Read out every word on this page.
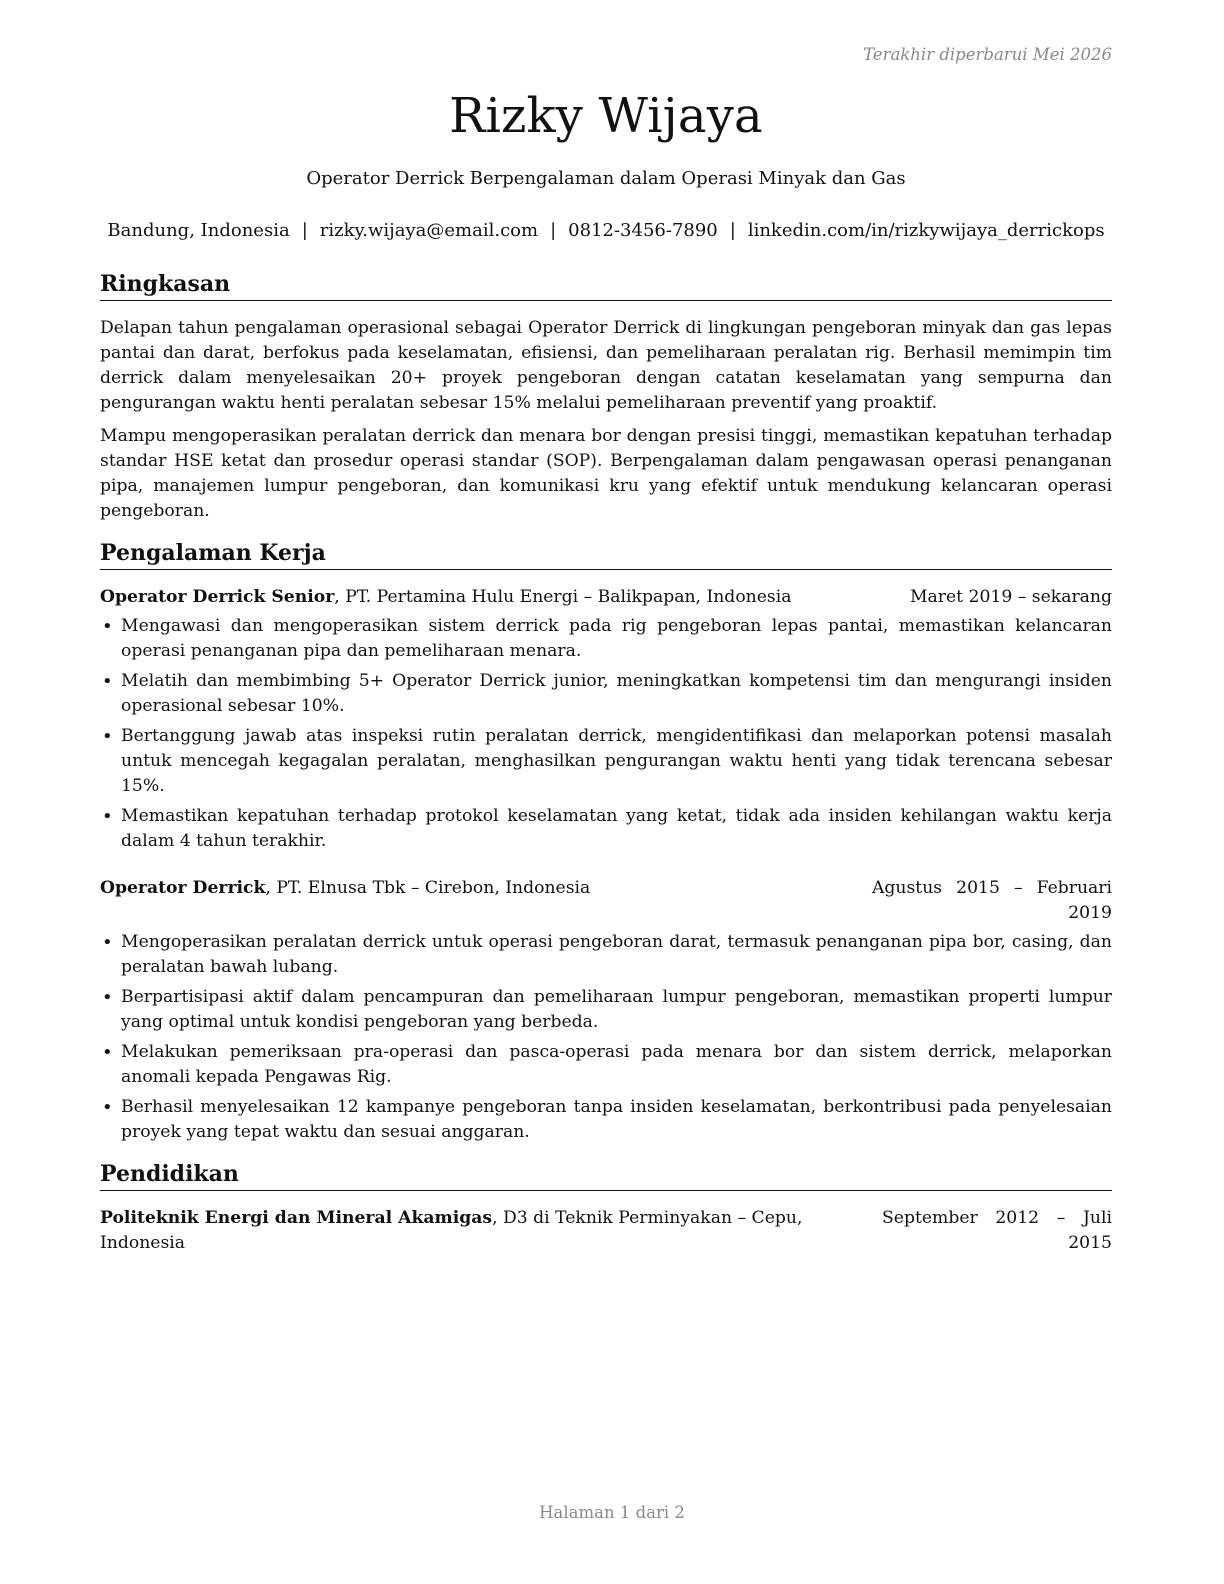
Terakhir diperbarui Mei 2026
Rizky Wijaya
Operator Derrick Berpengalaman dalam Operasi Minyak dan Gas
Bandung, Indonesia | rizky.wijaya@email.com | 0812-3456-7890 | linkedin.com/in/rizkywijaya_derrickops
Ringkasan

Delapan tahun pengalaman operasional sebagai Operator Derrick di lingkungan pengeboran minyak dan gas lepas pantai dan darat, berfokus pada keselamatan, efisiensi, dan pemeliharaan peralatan rig. Berhasil memimpin tim derrick dalam menyelesaikan 20+ proyek pengeboran dengan catatan keselamatan yang sempurna dan pengurangan waktu henti peralatan sebesar 15% melalui pemeliharaan preventif yang proaktif.

Mampu mengoperasikan peralatan derrick dan menara bor dengan presisi tinggi, memastikan kepatuhan terhadap standar HSE ketat dan prosedur operasi standar (SOP). Berpengalaman dalam pengawasan operasi penanganan pipa, manajemen lumpur pengeboran, dan komunikasi kru yang efektif untuk mendukung kelancaran operasi pengeboran.

Pengalaman Kerja
Operator Derrick Senior, PT. Pertamina Hulu Energi – Balikpapan, Indonesia	Maret 2019 – sekarang
• Mengawasi dan mengoperasikan sistem derrick pada rig pengeboran lepas pantai, memastikan kelancaran operasi penanganan pipa dan pemeliharaan menara.
• Melatih dan membimbing 5+ Operator Derrick junior, meningkatkan kompetensi tim dan mengurangi insiden operasional sebesar 10%.
• Bertanggung jawab atas inspeksi rutin peralatan derrick, mengidentifikasi dan melaporkan potensi masalah untuk mencegah kegagalan peralatan, menghasilkan pengurangan waktu henti yang tidak terencana sebesar 15%.
• Memastikan kepatuhan terhadap protokol keselamatan yang ketat, tidak ada insiden kehilangan waktu kerja dalam 4 tahun terakhir.
Operator Derrick, PT. Elnusa Tbk – Cirebon, Indonesia	Agustus 2015 – Februari 2019
• Mengoperasikan peralatan derrick untuk operasi pengeboran darat, termasuk penanganan pipa bor, casing, dan peralatan bawah lubang.
• Berpartisipasi aktif dalam pencampuran dan pemeliharaan lumpur pengeboran, memastikan properti lumpur yang optimal untuk kondisi pengeboran yang berbeda.
• Melakukan pemeriksaan pra-operasi dan pasca-operasi pada menara bor dan sistem derrick, melaporkan anomali kepada Pengawas Rig.
• Berhasil menyelesaikan 12 kampanye pengeboran tanpa insiden keselamatan, berkontribusi pada penyelesaian proyek yang tepat waktu dan sesuai anggaran.
Pendidikan
Politeknik Energi dan Mineral Akamigas, D3 di Teknik Perminyakan – Cepu, Indonesia
September 2012 – Juli 2015
Halaman 1 dari 2
